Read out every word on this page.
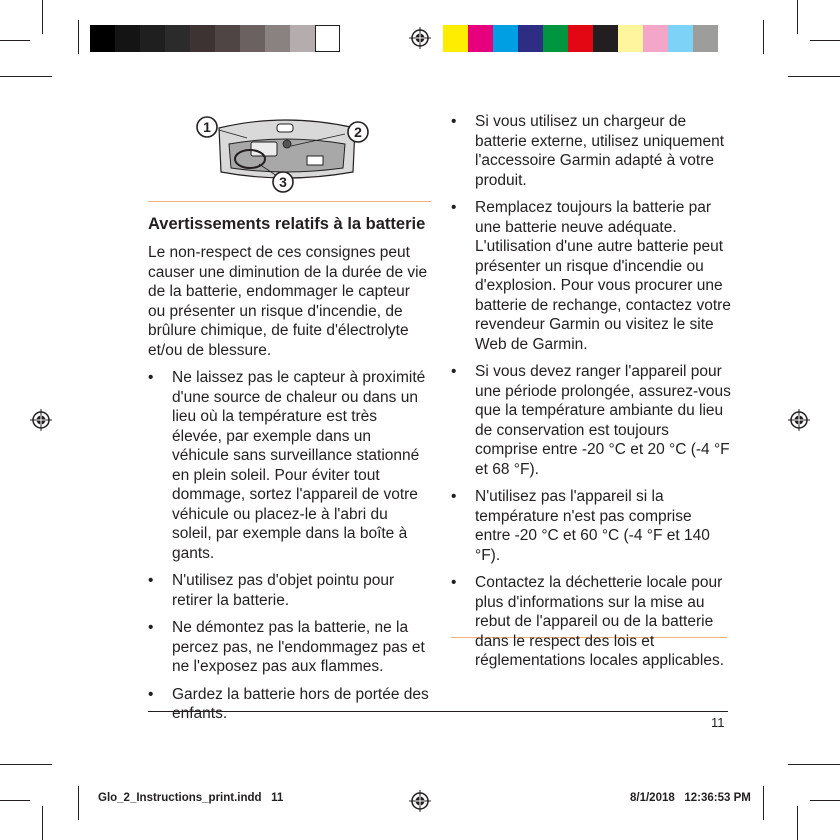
1	2
3
Avertissements relatifs à la batterie

Le non-respect de ces consignes peut causer une diminution de la durée de vie de la batterie, endommager le capteur ou présenter un risque d'incendie, de brûlure chimique, de fuite d'électrolyte et/ou de blessure.

• Ne laissez pas le capteur à proximité d'une source de chaleur ou dans un lieu où la température est très élevée, par exemple dans un véhicule sans surveillance stationné en plein soleil. Pour éviter tout dommage, sortez l'appareil de votre véhicule ou placez-le à l'abri du soleil, par exemple dans la boîte à gants.
• N'utilisez pas d'objet pointu pour retirer la batterie.
• Ne démontez pas la batterie, ne la percez pas, ne l'endommagez pas et ne l'exposez pas aux flammes.
• Gardez la batterie hors de portée des enfants.
• Si vous utilisez un chargeur de batterie externe, utilisez uniquement l'accessoire Garmin adapté à votre produit.
• Remplacez toujours la batterie par une batterie neuve adéquate. L'utilisation d'une autre batterie peut présenter un risque d'incendie ou d'explosion. Pour vous procurer une batterie de rechange, contactez votre revendeur Garmin ou visitez le site Web de Garmin.
• Si vous devez ranger l'appareil pour une période prolongée, assurez-vous que la température ambiante du lieu de conservation est toujours comprise entre -20 °C et 20 °C (-4 °F et 68 °F).
• N'utilisez pas l'appareil si la température n'est pas comprise entre -20 °C et 60 °C (-4 °F et 140 °F).
• Contactez la déchetterie locale pour plus d'informations sur la mise au rebut de l'appareil ou de la batterie dans le respect des lois et réglementations locales applicables.
11
Glo_2_Instructions_print.indd   11	8/1/2018   12:36:53 PM
